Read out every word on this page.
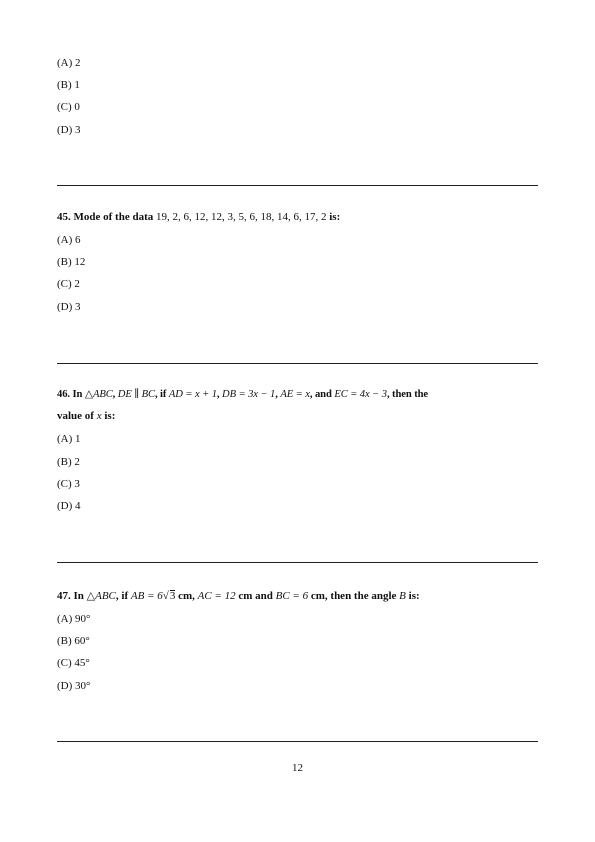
(A) 2
(B) 1
(C) 0
(D) 3
45. Mode of the data 19, 2, 6, 12, 12, 3, 5, 6, 18, 14, 6, 17, 2 is:
(A) 6
(B) 12
(C) 2
(D) 3
46. In △ABC, DE ∥ BC, if AD = x + 1, DB = 3x − 1, AE = x, and EC = 4x − 3, then the
value of x is:
(A) 1
(B) 2
(C) 3
(D) 4
47. In △ABC, if AB = 6√3 cm, AC = 12 cm and BC = 6 cm, then the angle B is:
(A) 90°
(B) 60°
(C) 45°
(D) 30°
12
